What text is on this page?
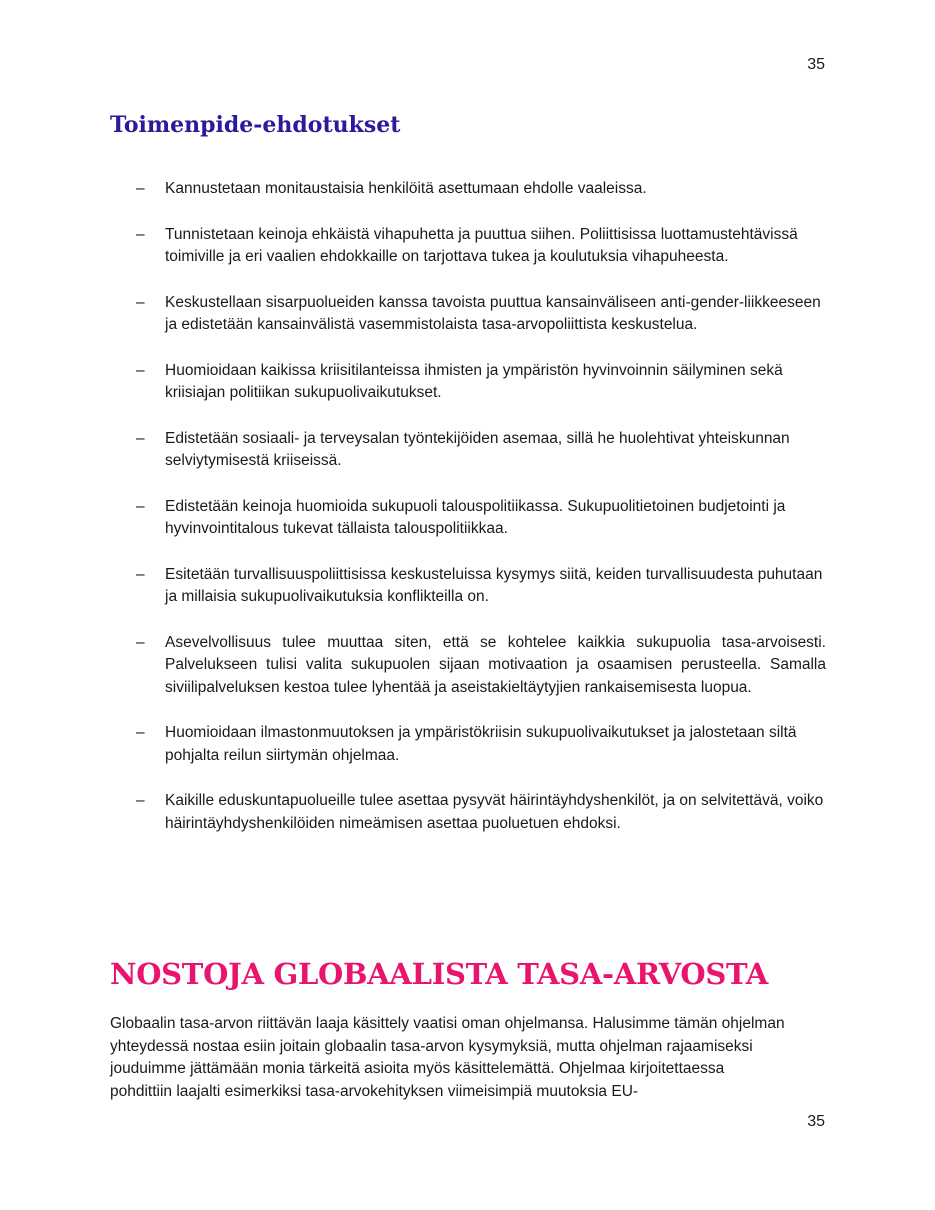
35
Toimenpide-ehdotukset
–	Kannustetaan monitaustaisia henkilöitä asettumaan ehdolle vaaleissa.
–	Tunnistetaan keinoja ehkäistä vihapuhetta ja puuttua siihen. Poliittisissa luottamustehtävissä toimiville ja eri vaalien ehdokkaille on tarjottava tukea ja koulutuksia vihapuheesta.
–	Keskustellaan sisarpuolueiden kanssa tavoista puuttua kansainväliseen anti-gender-liikkeeseen ja edistetään kansainvälistä vasemmistolaista tasa-arvopoliittista keskustelua.
–	Huomioidaan kaikissa kriisitilanteissa ihmisten ja ympäristön hyvinvoinnin säilyminen sekä kriisiajan politiikan sukupuolivaikutukset.
–	Edistetään sosiaali- ja terveysalan työntekijöiden asemaa, sillä he huolehtivat yhteiskunnan selviytymisestä kriiseissä.
–	Edistetään keinoja huomioida sukupuoli talouspolitiikassa. Sukupuolitietoinen budjetointi ja hyvinvointitalous tukevat tällaista talouspolitiikkaa.
–	Esitetään turvallisuuspoliittisissa keskusteluissa kysymys siitä, keiden turvallisuudesta puhutaan ja millaisia sukupuolivaikutuksia konflikteilla on.
–	Asevelvollisuus tulee muuttaa siten, että se kohtelee kaikkia sukupuolia tasa-arvoisesti. Palvelukseen tulisi valita sukupuolen sijaan motivaation ja osaamisen perusteella. Samalla siviilipalveluksen kestoa tulee lyhentää ja aseistakieltäytyjien rankaisemisesta luopua.
–	Huomioidaan ilmastonmuutoksen ja ympäristökriisin sukupuolivaikutukset ja jalostetaan siltä pohjalta reilun siirtymän ohjelmaa.
–	Kaikille eduskuntapuolueille tulee asettaa pysyvät häirintäyhdyshenkilöt, ja on selvitettävä, voiko häirintäyhdyshenkilöiden nimeämisen asettaa puoluetuen ehdoksi.
NOSTOJA GLOBAALISTA TASA-ARVOSTA

Globaalin tasa-arvon riittävän laaja käsittely vaatisi oman ohjelmansa. Halusimme tämän ohjelman yhteydessä nostaa esiin joitain globaalin tasa-arvon kysymyksiä, mutta ohjelman rajaamiseksi jouduimme jättämään monia tärkeitä asioita myös käsittelemättä. Ohjelmaa kirjoitettaessa pohdittiin laajalti esimerkiksi tasa-arvokehityksen viimeisimpiä muutoksia EU-

35
